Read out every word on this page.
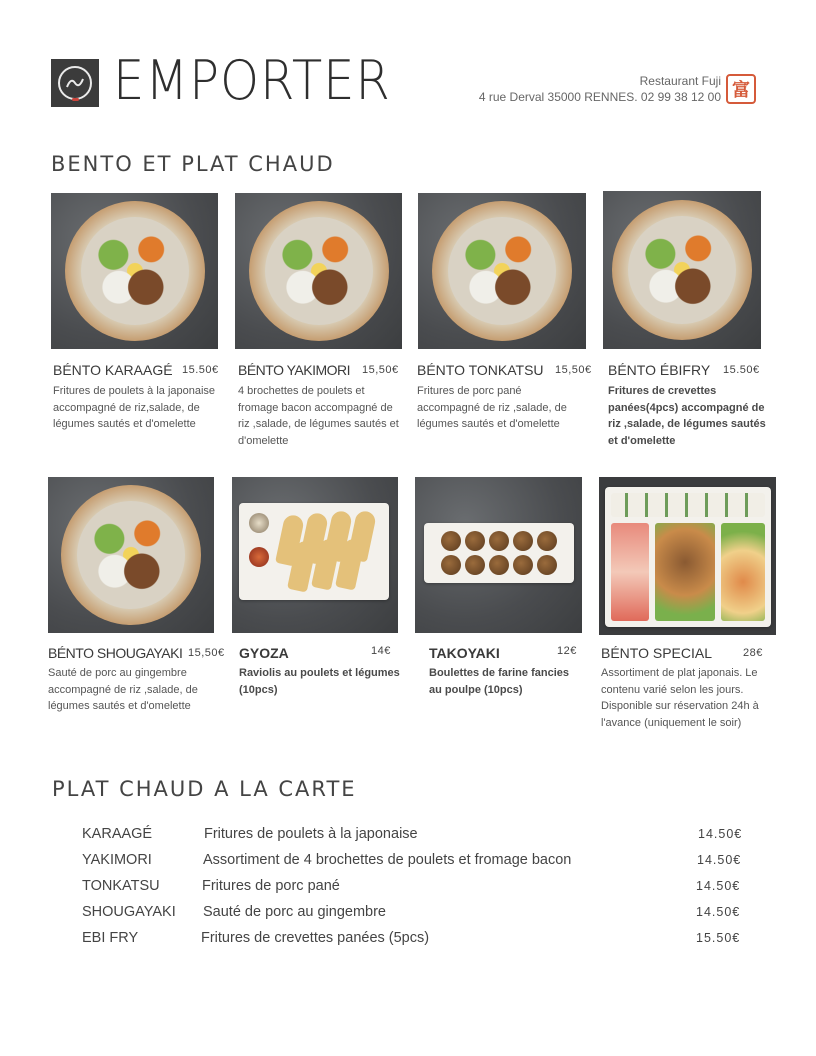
EMPORTER	Restaurant Fuji
4 rue Derval 35000 RENNES. 02 99 38 12 00 富
BENTO ET PLAT CHAUD
BÉNTO KARAAGÉ 15.50€
Fritures de poulets à la japonaise accompagné de riz,salade, de légumes sautés et d'omelette
BÉNTO YAKIMORI 15,50€
4 brochettes de poulets et fromage bacon accompagné de riz ,salade, de légumes sautés et d'omelette
BÉNTO TONKATSU 15,50€
Fritures de porc pané accompagné de riz ,salade, de légumes sautés et d'omelette
BÉNTO ÉBIFRY 15.50€
Fritures de crevettes panées(4pcs) accompagné de riz ,salade, de légumes sautés et d'omelette
BÉNTO SHOUGAYAKI 15,50€
Sauté de porc au gingembre accompagné de riz ,salade, de légumes sautés et d'omelette
GYOZA	14€
Raviolis au poulets et légumes (10pcs)
TAKOYAKI	12€
Boulettes de farine fancies au poulpe (10pcs)
BÉNTO SPECIAL	28€
Assortiment de plat japonais. Le contenu varié selon les jours. Disponible sur réservation 24h à l'avance (uniquement le soir)
PLAT CHAUD A LA CARTE
KARAAGÉ	Fritures de poulets à la japonaise	14.50€
YAKIMORI	Assortiment de 4 brochettes de poulets et fromage bacon	14.50€
TONKATSU	Fritures de porc pané	14.50€
SHOUGAYAKI Sauté de porc au gingembre	14.50€
EBI FRY	Fritures de crevettes panées (5pcs)	15.50€
